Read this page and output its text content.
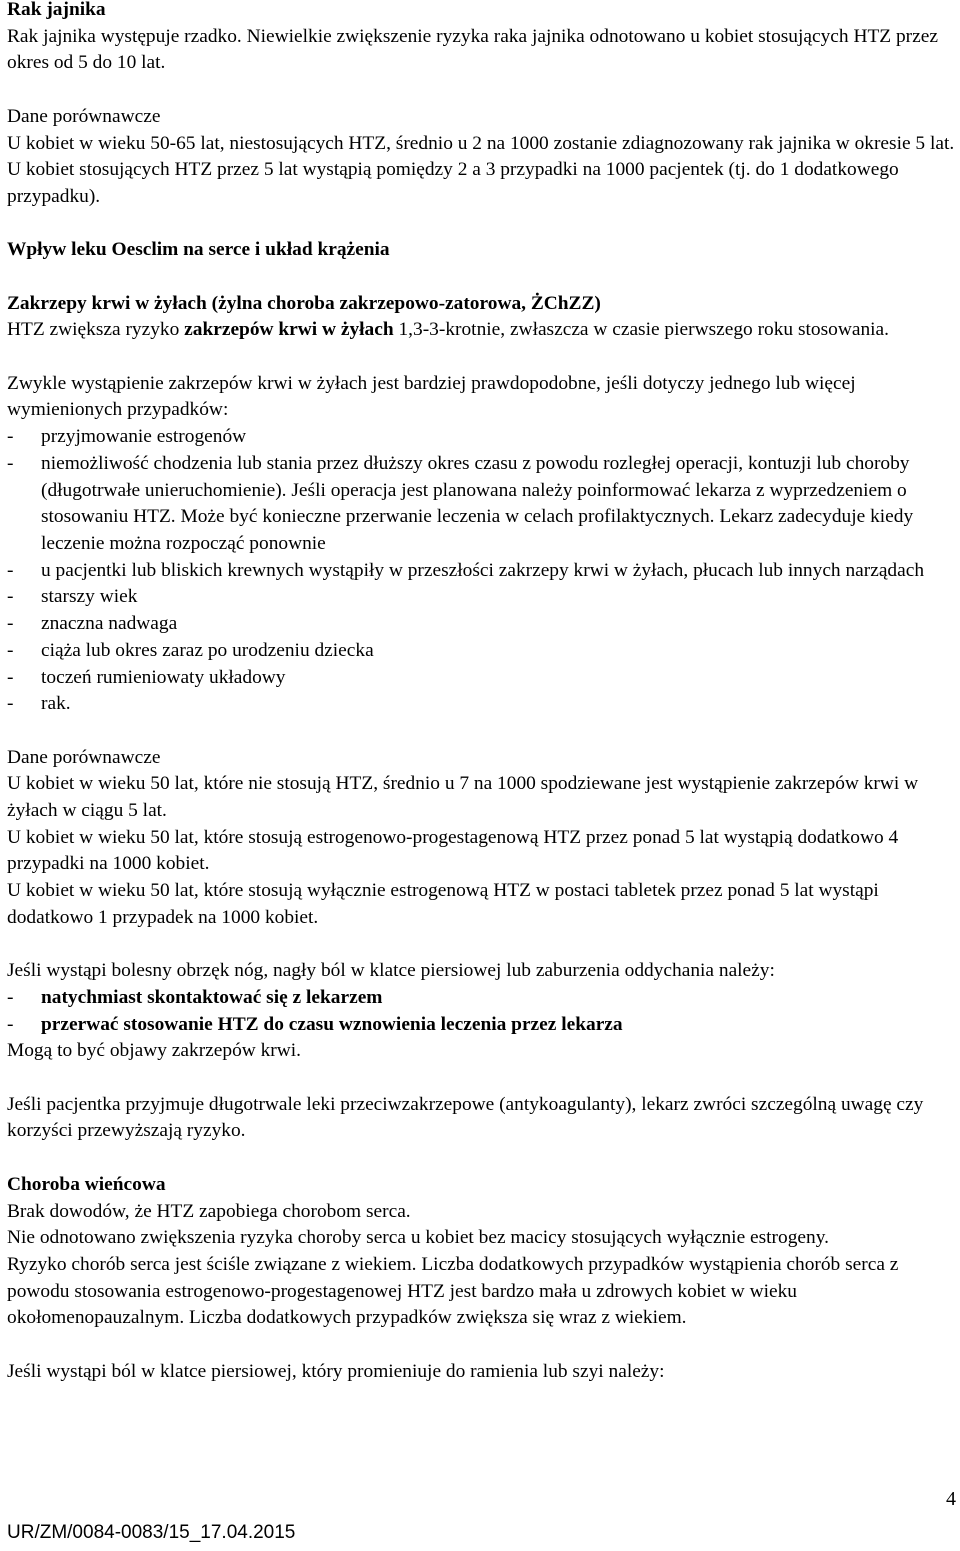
Rak jajnika

Rak jajnika występuje rzadko. Niewielkie zwiększenie ryzyka raka jajnika odnotowano u kobiet stosujących HTZ przez okres od 5 do 10 lat.

Dane porównawcze

U kobiet w wieku 50-65 lat, niestosujących HTZ, średnio u 2 na 1000 zostanie zdiagnozowany rak jajnika w okresie 5 lat. U kobiet stosujących HTZ przez 5 lat wystąpią pomiędzy 2 a 3 przypadki na 1000 pacjentek (tj. do 1 dodatkowego przypadku).

Wpływ leku Oesclim na serce i układ krążenia

Zakrzepy krwi w żyłach (żylna choroba zakrzepowo-zatorowa, ŻChZZ)

HTZ zwiększa ryzyko zakrzepów krwi w żyłach 1,3-3-krotnie, zwłaszcza w czasie pierwszego roku stosowania.

Zwykle wystąpienie zakrzepów krwi w żyłach jest bardziej prawdopodobne, jeśli dotyczy jednego lub więcej wymienionych przypadków:

-	przyjmowanie estrogenów
-	niemożliwość chodzenia lub stania przez dłuższy okres czasu z powodu rozległej operacji, kontuzji lub choroby (długotrwałe unieruchomienie). Jeśli operacja jest planowana należy poinformować lekarza z wyprzedzeniem o stosowaniu HTZ. Może być konieczne przerwanie leczenia w celach profilaktycznych. Lekarz zadecyduje kiedy leczenie można rozpocząć ponownie
-	u pacjentki lub bliskich krewnych wystąpiły w przeszłości zakrzepy krwi w żyłach, płucach lub innych narządach
-	starszy wiek
-	znaczna nadwaga
-	ciąża lub okres zaraz po urodzeniu dziecka
-	toczeń rumieniowaty układowy
-	rak.

Dane porównawcze

U kobiet w wieku 50 lat, które nie stosują HTZ, średnio u 7 na 1000 spodziewane jest wystąpienie zakrzepów krwi w żyłach w ciągu 5 lat.

U kobiet w wieku 50 lat, które stosują estrogenowo-progestagenową HTZ przez ponad 5 lat wystąpią dodatkowo 4 przypadki na 1000 kobiet.

U kobiet w wieku 50 lat, które stosują wyłącznie estrogenową HTZ w postaci tabletek przez ponad 5 lat wystąpi dodatkowo 1 przypadek na 1000 kobiet.

Jeśli wystąpi bolesny obrzęk nóg, nagły ból w klatce piersiowej lub zaburzenia oddychania należy:

-	natychmiast skontaktować się z lekarzem
-	przerwać stosowanie HTZ do czasu wznowienia leczenia przez lekarza

Mogą to być objawy zakrzepów krwi.

Jeśli pacjentka przyjmuje długotrwale leki przeciwzakrzepowe (antykoagulanty), lekarz zwróci szczególną uwagę czy korzyści przewyższają ryzyko.

Choroba wieńcowa

Brak dowodów, że HTZ zapobiega chorobom serca.

Nie odnotowano zwiększenia ryzyka choroby serca u kobiet bez macicy stosujących wyłącznie estrogeny.

Ryzyko chorób serca jest ściśle związane z wiekiem. Liczba dodatkowych przypadków wystąpienia chorób serca z powodu stosowania estrogenowo-progestagenowej HTZ jest bardzo mała u zdrowych kobiet w wieku okołomenopauzalnym. Liczba dodatkowych przypadków zwiększa się wraz z wiekiem.

Jeśli wystąpi ból w klatce piersiowej, który promieniuje do ramienia lub szyi należy:

4
UR/ZM/0084-0083/15_17.04.2015
